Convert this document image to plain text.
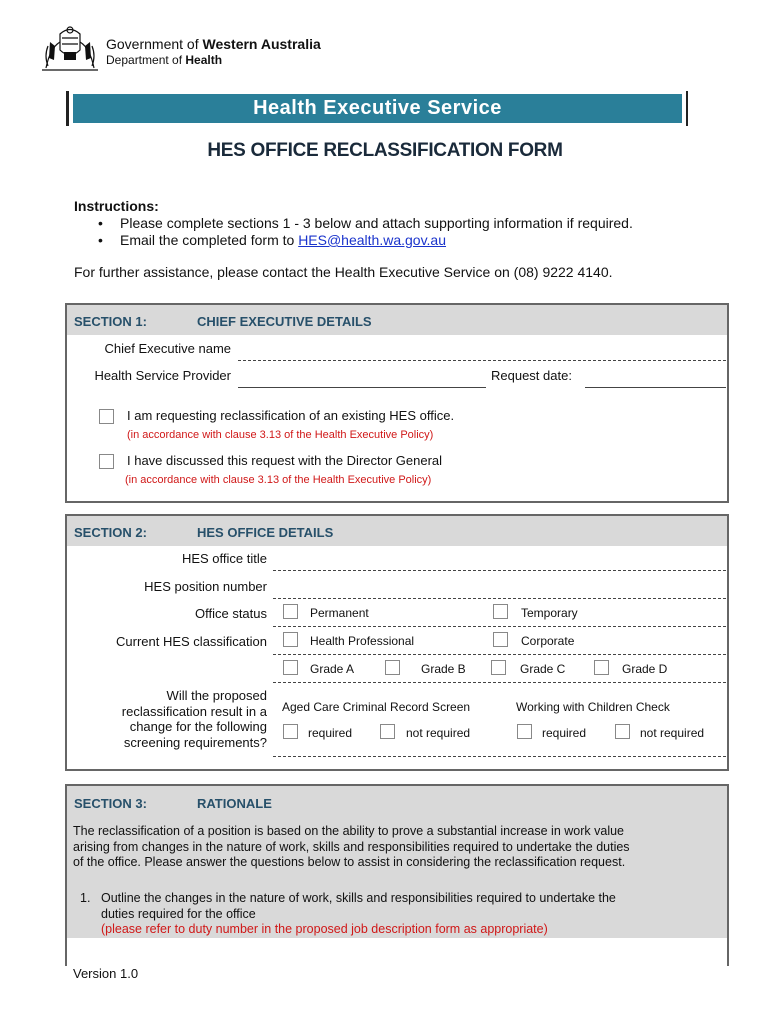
Government of Western Australia
Department of Health
Health Executive Service
HES OFFICE RECLASSIFICATION FORM
Instructions:
• Please complete sections 1 - 3 below and attach supporting information if required.
• Email the completed form to HES@health.wa.gov.au
For further assistance, please contact the Health Executive Service on (08) 9222 4140.
SECTION 1:	CHIEF EXECUTIVE DETAILS
Chief Executive name
Health Service Provider	Request date:
I am requesting reclassification of an existing HES office.
(in accordance with clause 3.13 of the Health Executive Policy)
I have discussed this request with the Director General
(in accordance with clause 3.13 of the Health Executive Policy)
SECTION 2:	HES OFFICE DETAILS
HES office title
HES position number
Office status	Permanent	Temporary
Current HES classification	Health Professional	Corporate
Grade A	Grade B	Grade C	Grade D
Will the proposed
reclassification result in a
change for the following
screening requirements?
Aged Care Criminal Record Screen	Working with Children Check
required	not required	required	not required
SECTION 3:	RATIONALE
The reclassification of a position is based on the ability to prove a substantial increase in work value
arising from changes in the nature of work, skills and responsibilities required to undertake the duties
of the office. Please answer the questions below to assist in considering the reclassification request.
1. Outline the changes in the nature of work, skills and responsibilities required to undertake the
duties required for the office
(please refer to duty number in the proposed job description form as appropriate)
Version 1.0
